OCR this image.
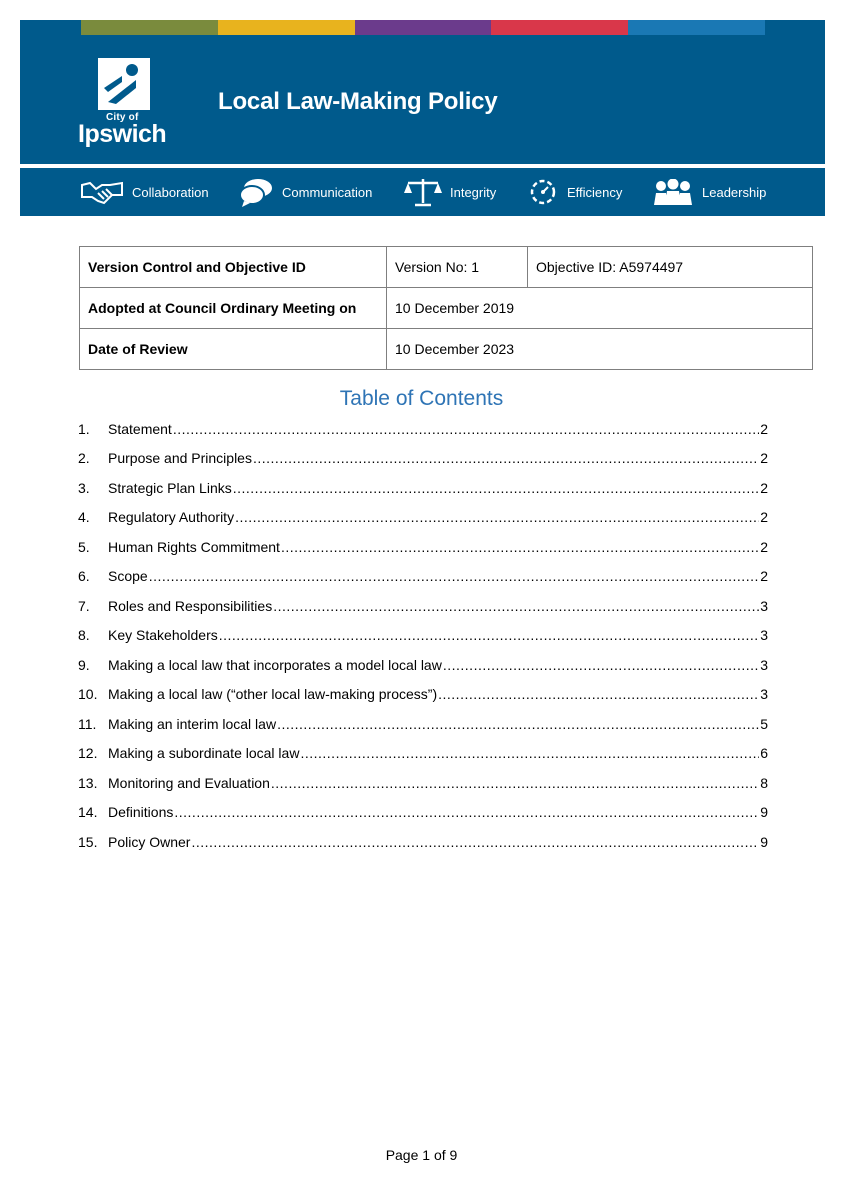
City of
Ipswich
Local Law-Making Policy
Collaboration	Communication	Integrity	Efficiency	Leadership
Version Control and Objective ID	Version No: 1	Objective ID: A5974497
Adopted at Council Ordinary Meeting on	10 December 2019	
Date of Review	10 December 2023	
Table of Contents
1.	Statement .....	2
2.	Purpose and Principles .....	2
3.	Strategic Plan Links .....	2
4.	Regulatory Authority .....	2
5.	Human Rights Commitment .....	2
6.	Scope .....	2
7.	Roles and Responsibilities .....	3
8.	Key Stakeholders .....	3
9.	Making a local law that incorporates a model local law .....	3
10. Making a local law (“other local law-making process”) .....	3
11. Making an interim local law .....	5
12. Making a subordinate local law .....	6
13. Monitoring and Evaluation .....	8
14. Definitions .....	9
15. Policy Owner .....	9
Page 1 of 9
